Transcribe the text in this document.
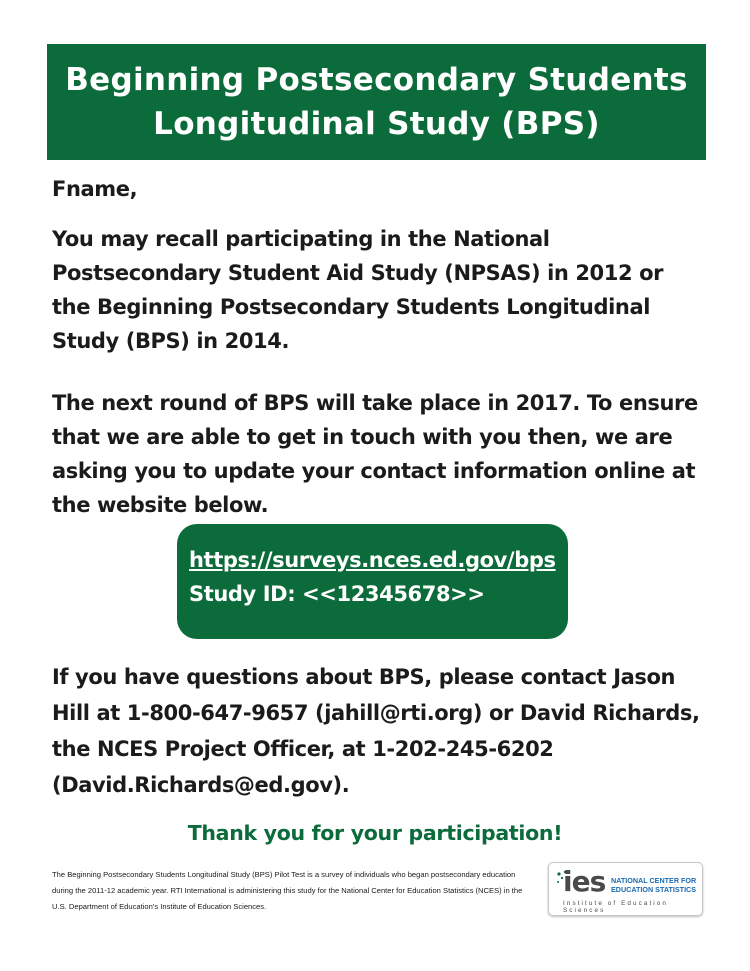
Beginning Postsecondary Students
Longitudinal Study (BPS)
Fname,
You may recall participating in the National Postsecondary Student Aid Study (NPSAS) in 2012 or the Beginning Postsecondary Students Longitudinal Study (BPS) in 2014.
The next round of BPS will take place in 2017. To ensure that we are able to get in touch with you then, we are asking you to update your contact information online at the website below.
https://surveys.nces.ed.gov/bps
Study ID: <<12345678>>
If you have questions about BPS, please contact Jason Hill at 1-800-647-9657 (jahill@rti.org) or David Richards, the NCES Project Officer, at 1-202-245-6202 (David.Richards@ed.gov).
Thank you for your participation!
The Beginning Postsecondary Students Longitudinal Study (BPS) Pilot Test is a survey of individuals who began postsecondary education during the 2011-12 academic year. RTI International is administering this study for the National Center for Education Statistics (NCES) in the U.S. Department of Education's Institute of Education Sciences.
ies NATIONAL CENTER FOR
EDUCATION STATISTICS
Institute of Education Sciences
